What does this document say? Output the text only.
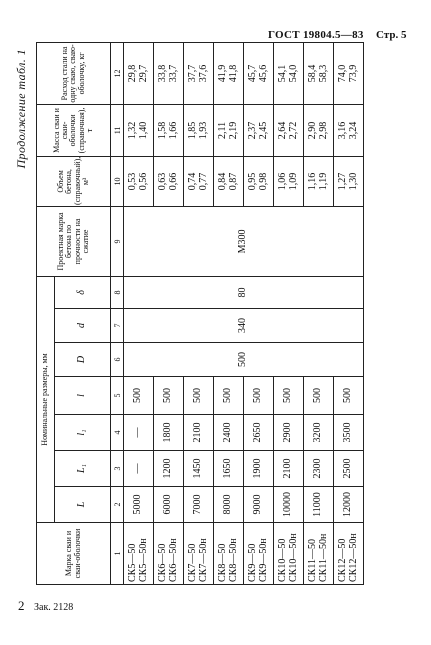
ГОСТ 19804.5—83 Стр. 5
Продолжение табл. 1
Марка сваи и сваи-оболочки	Номинальные размеры, мм							Проектная марка бетона по прочности на сжатие	Объем бетона, (справочный), м³	Масса сваи и сваи-оболочки (справочная), т	Расход стали на одну сваю, сваю-оболочку, кг
	L	L₁	l₁	l	D	d	δ				
1	2	3	4	5	6	7	8	9	10	11	12

СК5—50 СК5—50н	5000	—	—	500	500	340	80	М300	0,53 0,56	1,32 1,40	29,8 29,7

СК6—50 СК6—50н	6000	1200	1800	500					0,63 0,66	1,58 1,66	33,8 33,7

СК7—50 СК7—50н	7000	1450	2100	500					0,74 0,77	1,85 1,93	37,7 37,6

СК8—50 СК8—50н	8000	1650	2400	500					0,84 0,87	2,11 2,19	41,9 41,8

СК9—50 СК9—50н	9000	1900	2650	500					0,95 0,98	2,37 2,45	45,7 45,6

СК10—50 СК10—50н	10000	2100	2900	500					1,06 1,09	2,64 2,72	54,1 54,0

СК11—50 СК11—50н	11000	2300	3200	500					1,16 1,19	2,90 2,98	58,4 58,3

СК12—50 СК12—50н	12000	2500	3500	500					1,27 1,30	3,16 3,24	74,0 73,9
2 Зак. 2128
